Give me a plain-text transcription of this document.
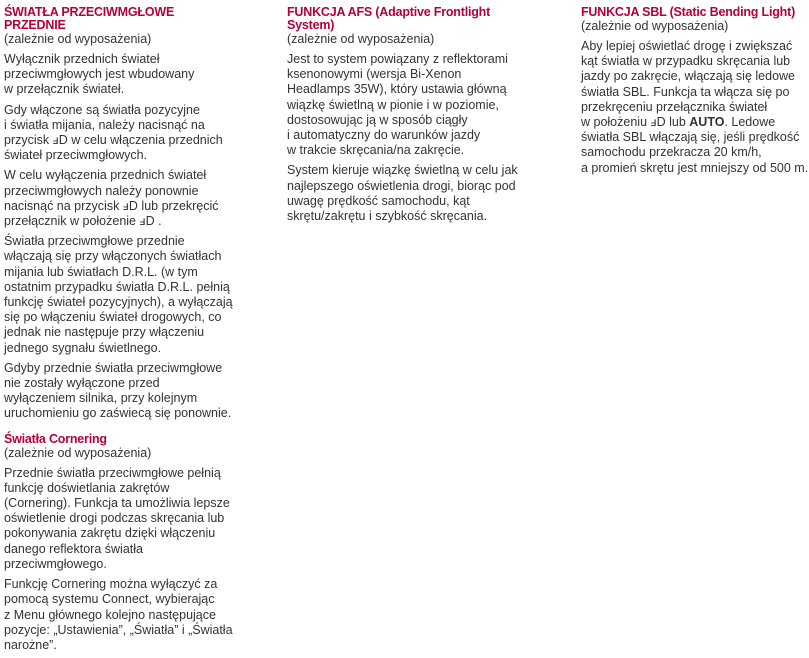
ŚWIATŁA PRZECIWMGŁOWE
PRZEDNIE
(zależnie od wyposażenia)

Wyłącznik przednich świateł
przeciwmgłowych jest wbudowany
w przełącznik świateł.

Gdy włączone są światła pozycyjne
i światła mijania, należy nacisnąć na
przycisk ⅎD w celu włączenia przednich
świateł przeciwmgłowych.

W celu wyłączenia przednich świateł
przeciwmgłowych należy ponownie
nacisnąć na przycisk ⅎD lub przekręcić
przełącznik w położenie ⅎD .

Światła przeciwmgłowe przednie
włączają się przy włączonych światłach
mijania lub światłach D.R.L. (w tym
ostatnim przypadku światła D.R.L. pełnią
funkcję świateł pozycyjnych), a wyłączają
się po włączeniu świateł drogowych, co
jednak nie następuje przy włączeniu
jednego sygnału świetlnego.

Gdyby przednie światła przeciwmgłowe
nie zostały wyłączone przed
wyłączeniem silnika, przy kolejnym
uruchomieniu go zaświecą się ponownie.

Światła Cornering
(zależnie od wyposażenia)

Przednie światła przeciwmgłowe pełnią
funkcję doświetlania zakrętów
(Cornering). Funkcja ta umożliwia lepsze
oświetlenie drogi podczas skręcania lub
pokonywania zakrętu dzięki włączeniu
danego reflektora światła
przeciwmgłowego.

Funkcję Cornering można wyłączyć za
pomocą systemu Connect, wybierając
z Menu głównego kolejno następujące
pozycje: „Ustawienia”, „Światła” i „Światła
narożne”.

FUNKCJA AFS (Adaptive Frontlight
System)
(zależnie od wyposażenia)

Jest to system powiązany z reflektorami
ksenonowymi (wersja Bi-Xenon
Headlamps 35W), który ustawia główną
wiązkę świetlną w pionie i w poziomie,
dostosowując ją w sposób ciągły
i automatyczny do warunków jazdy
w trakcie skręcania/na zakręcie.

System kieruje wiązkę świetlną w celu jak
najlepszego oświetlenia drogi, biorąc pod
uwagę prędkość samochodu, kąt
skrętu/zakrętu i szybkość skręcania.

FUNKCJA SBL (Static Bending Light)
(zależnie od wyposażenia)

Aby lepiej oświetlać drogę i zwiększać
kąt światła w przypadku skręcania lub
jazdy po zakręcie, włączają się ledowe
światła SBL. Funkcja ta włącza się po
przekręceniu przełącznika świateł
w położeniu ⅎD lub AUTO. Ledowe
światła SBL włączają się, jeśli prędkość
samochodu przekracza 20 km/h,
a promień skrętu jest mniejszy od 500 m.
